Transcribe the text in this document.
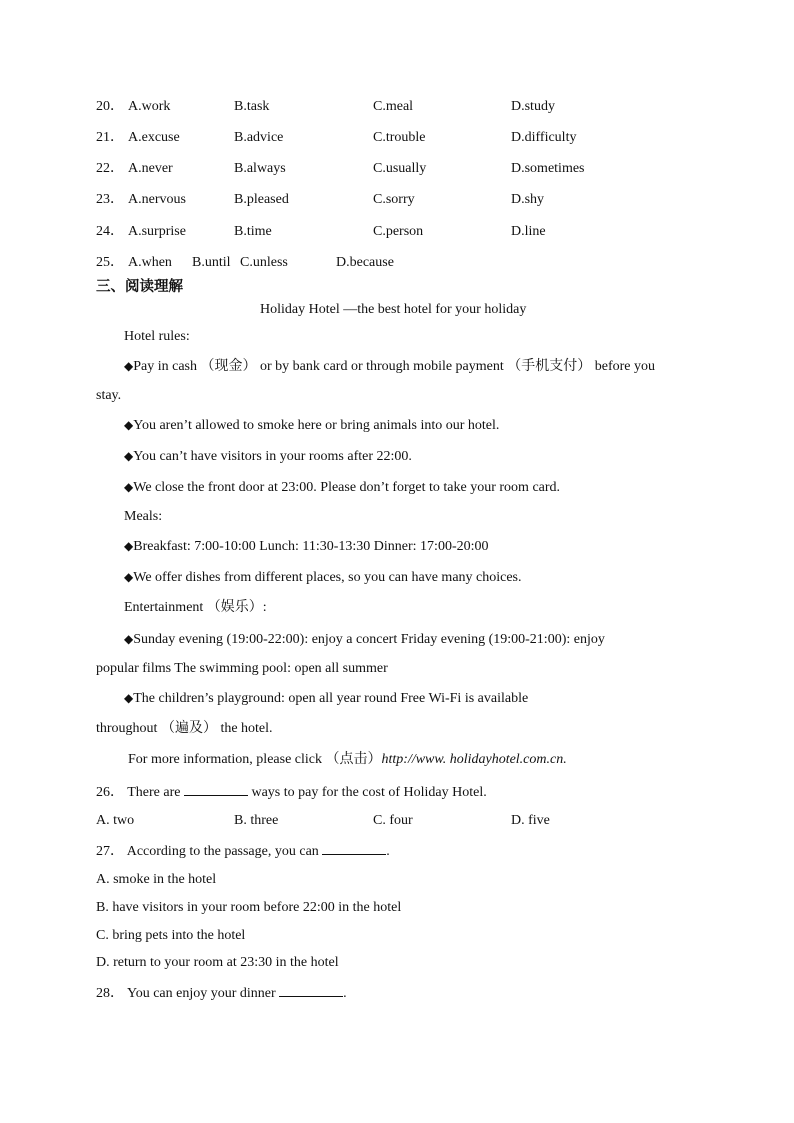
20． A.work	B.task	C.meal	D.study
21． A.excuse	B.advice	C.trouble	D.difficulty
22． A.never	B.always	C.usually	D.sometimes
23． A.nervous	B.pleased	C.sorry	D.shy
24． A.surprise	B.time	C.person	D.line
25． A.when B.until C.unless	D.because
三、阅读理解
Holiday Hotel —the best hotel for your holiday
Hotel rules:
◆Pay in cash （现金） or by bank card or through mobile payment （手机支付） before you
stay.
◆You aren’t allowed to smoke here or bring animals into our hotel.
◆You can’t have visitors in your rooms after 22:00.
◆We close the front door at 23:00. Please don’t forget to take your room card.
Meals:
◆Breakfast: 7:00-10:00 Lunch: 11:30-13:30 Dinner: 17:00-20:00
◆We offer dishes from different places, so you can have many choices.
Entertainment （娱乐）:
◆Sunday evening (19:00-22:00): enjoy a concert Friday evening (19:00-21:00): enjoy
popular films The swimming pool: open all summer
◆The children’s playground: open all year round Free Wi-Fi is available
throughout （遍及） the hotel.
For more information, please click （点击）http://www. holidayhotel.com.cn.
26． There are	ways to pay for the cost of Holiday Hotel.
A. two	B. three	C. four	D. five
27． According to the passage, you can	.
A. smoke in the hotel
B. have visitors in your room before 22:00 in the hotel
C. bring pets into the hotel
D. return to your room at 23:30 in the hotel
28． You can enjoy your dinner	.
